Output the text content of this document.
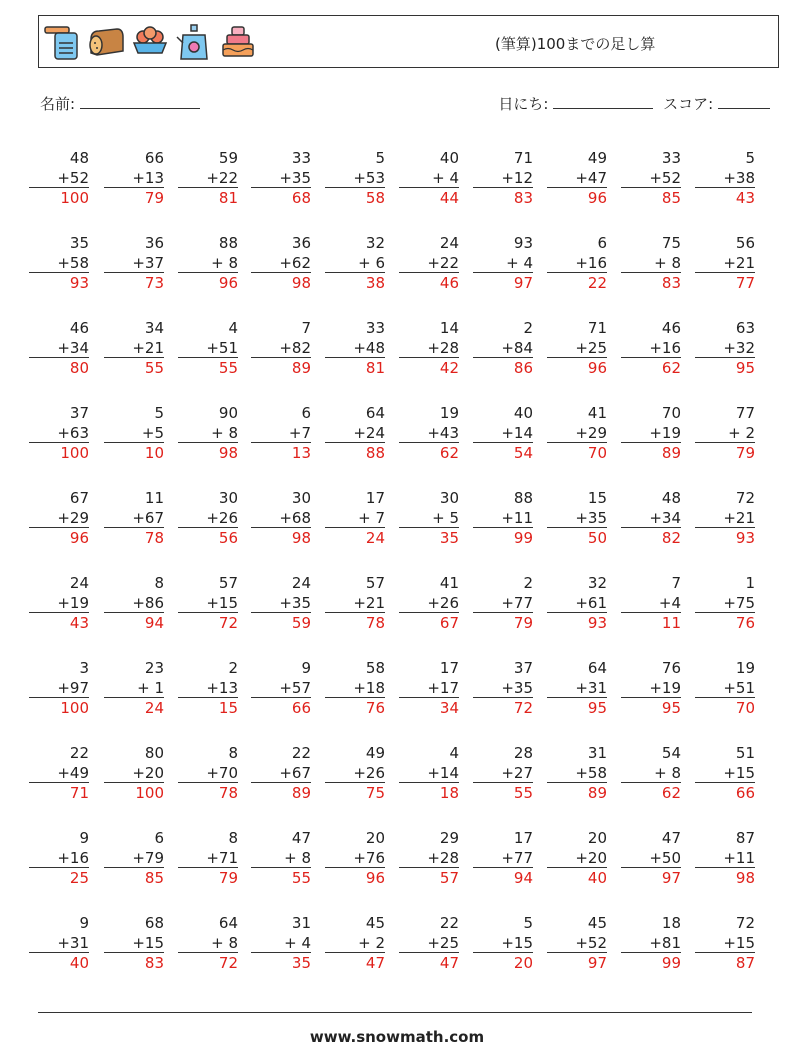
(筆算)100までの足し算
名前:	日にち:	スコア:
48
+52
100
66
+13
79
59
+22
81
33
+35
68
5
+53
58
40
+ 4
44
71
+12
83
49
+47
96
33
+52
85
5
+38
43
35
+58
93
36
+37
73
88
+ 8
96
36
+62
98
32
+ 6
38
24
+22
46
93
+ 4
97
6
+16
22
75
+ 8
83
56
+21
77
46
+34
80
34
+21
55
4
+51
55
7
+82
89
33
+48
81
14
+28
42
2
+84
86
71
+25
96
46
+16
62
63
+32
95
37
+63
100
5
+5
10
90
+ 8
98
6
+7
13
64
+24
88
19
+43
62
40
+14
54
41
+29
70
70
+19
89
77
+ 2
79
67
+29
96
11
+67
78
30
+26
56
30
+68
98
17
+ 7
24
30
+ 5
35
88
+11
99
15
+35
50
48
+34
82
72
+21
93
24
+19
43
8
+86
94
57
+15
72
24
+35
59
57
+21
78
41
+26
67
2
+77
79
32
+61
93
7
+4
11
1
+75
76
3
+97
100
23
+ 1
24
2
+13
15
9
+57
66
58
+18
76
17
+17
34
37
+35
72
64
+31
95
76
+19
95
19
+51
70
22
+49
71
80
+20
100
8
+70
78
22
+67
89
49
+26
75
4
+14
18
28
+27
55
31
+58
89
54
+ 8
62
51
+15
66
9
+16
25
6
+79
85
8
+71
79
47
+ 8
55
20
+76
96
29
+28
57
17
+77
94
20
+20
40
47
+50
97
87
+11
98
9
+31
40
68
+15
83
64
+ 8
72
31
+ 4
35
45
+ 2
47
22
+25
47
5
+15
20
45
+52
97
18
+81
99
72
+15
87
www.snowmath.com
